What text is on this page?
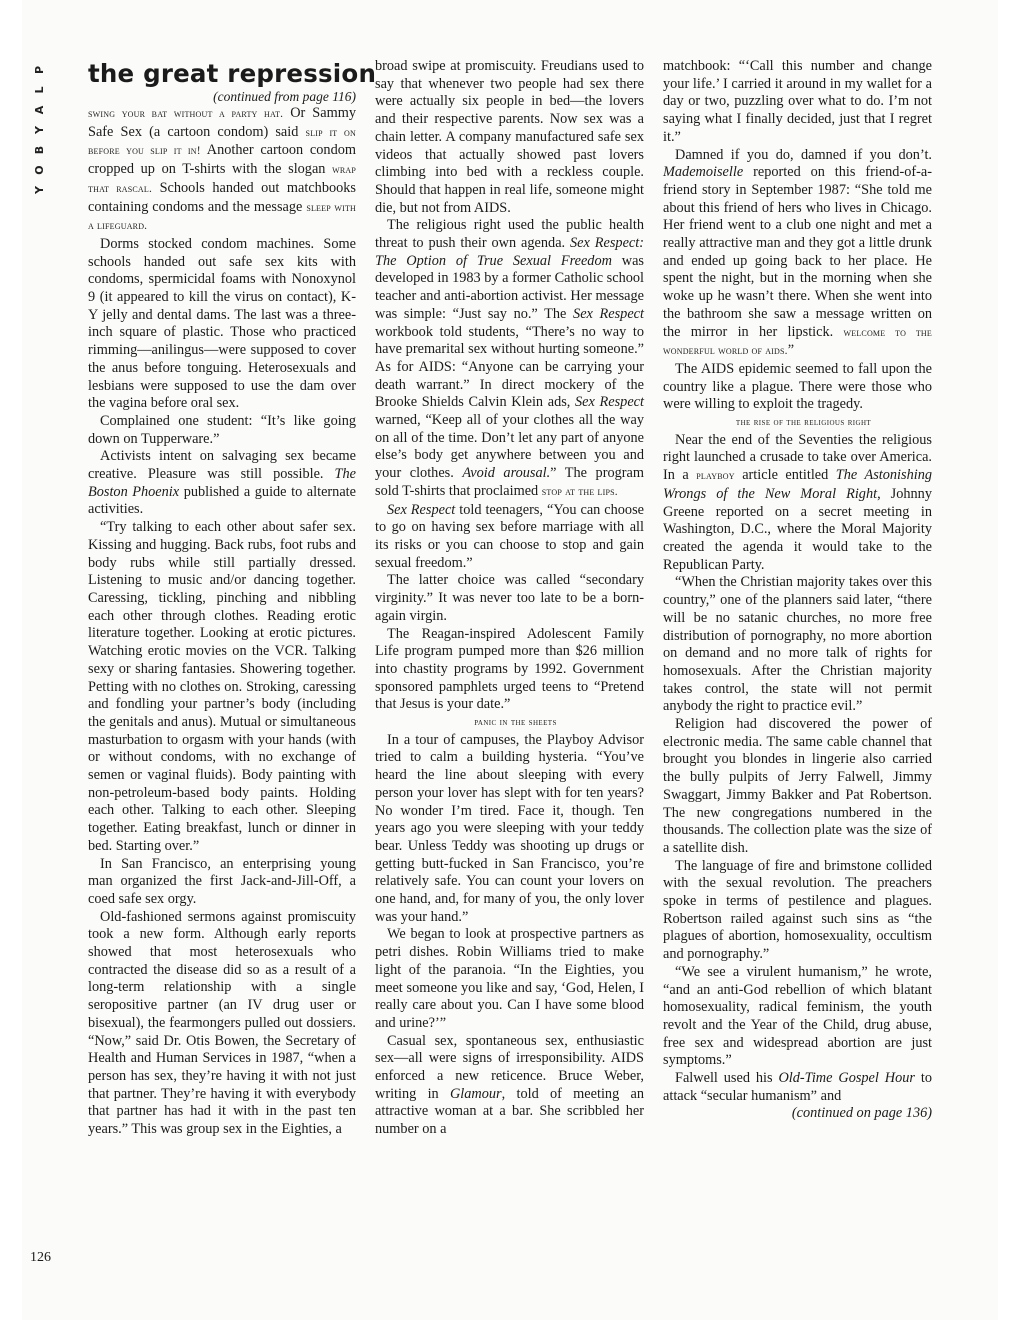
P
L
A
Y
B
O
Y
126
the great repression
(continued from page 116)

swing your bat without a party hat. Or Sammy Safe Sex (a cartoon condom) said slip it on before you slip it in! Another cartoon condom cropped up on T-shirts with the slogan wrap that rascal. Schools handed out matchbooks containing condoms and the message sleep with a lifeguard.

Dorms stocked condom machines. Some schools handed out safe sex kits with condoms, spermicidal foams with Nonoxynol 9 (it appeared to kill the virus on contact), K-Y jelly and dental dams. The last was a three-inch square of plastic. Those who practiced rimming—anilingus—were supposed to cover the anus before tonguing. Heterosexuals and lesbians were supposed to use the dam over the vagina before oral sex.

Complained one student: “It’s like going down on Tupperware.”

Activists intent on salvaging sex became creative. Pleasure was still possible. The Boston Phoenix published a guide to alternate activities.

“Try talking to each other about safer sex. Kissing and hugging. Back rubs, foot rubs and body rubs while still partially dressed. Listening to music and/or dancing together. Caressing, tickling, pinching and nibbling each other through clothes. Reading erotic literature together. Looking at erotic pictures. Watching erotic movies on the VCR. Talking sexy or sharing fantasies. Showering together. Petting with no clothes on. Stroking, caressing and fondling your partner’s body (including the genitals and anus). Mutual or simultaneous masturbation to orgasm with your hands (with or without condoms, with no exchange of semen or vaginal fluids). Body painting with non-petroleum-based body paints. Holding each other. Talking to each other. Sleeping together. Eating breakfast, lunch or dinner in bed. Starting over.”

In San Francisco, an enterprising young man organized the first Jack-and-Jill-Off, a coed safe sex orgy.

Old-fashioned sermons against promiscuity took a new form. Although early reports showed that most heterosexuals who contracted the disease did so as a result of a long-term relationship with a single seropositive partner (an IV drug user or bisexual), the fearmongers pulled out dossiers. “Now,” said Dr. Otis Bowen, the Secretary of Health and Human Services in 1987, “when a person has sex, they’re having it with not just that partner. They’re having it with everybody that partner has had it with in the past ten years.” This was group sex in the Eighties, a

broad swipe at promiscuity. Freudians used to say that whenever two people had sex there were actually six people in bed—the lovers and their respective parents. Now sex was a chain letter. A company manufactured safe sex videos that actually showed past lovers climbing into bed with a reckless couple. Should that happen in real life, someone might die, but not from AIDS.

The religious right used the public health threat to push their own agenda. Sex Respect: The Option of True Sexual Freedom was developed in 1983 by a former Catholic school teacher and anti-abortion activist. Her message was simple: “Just say no.” The Sex Respect workbook told students, “There’s no way to have premarital sex without hurting someone.” As for AIDS: “Anyone can be carrying your death warrant.” In direct mockery of the Brooke Shields Calvin Klein ads, Sex Respect warned, “Keep all of your clothes all the way on all of the time. Don’t let any part of anyone else’s body get anywhere between you and your clothes. Avoid arousal.” The program sold T-shirts that proclaimed stop at the lips.

Sex Respect told teenagers, “You can choose to go on having sex before marriage with all its risks or you can choose to stop and gain sexual freedom.”

The latter choice was called “secondary virginity.” It was never too late to be a born-again virgin.

The Reagan-inspired Adolescent Family Life program pumped more than $26 million into chastity programs by 1992. Government sponsored pamphlets urged teens to “Pretend that Jesus is your date.”

panic in the sheets

In a tour of campuses, the Playboy Advisor tried to calm a building hysteria. “You’ve heard the line about sleeping with every person your lover has slept with for ten years? No wonder I’m tired. Face it, though. Ten years ago you were sleeping with your teddy bear. Unless Teddy was shooting up drugs or getting butt-fucked in San Francisco, you’re relatively safe. You can count your lovers on one hand, and, for many of you, the only lover was your hand.”

We began to look at prospective partners as petri dishes. Robin Williams tried to make light of the paranoia. “In the Eighties, you meet someone you like and say, ‘God, Helen, I really care about you. Can I have some blood and urine?’”

Casual sex, spontaneous sex, enthusiastic sex—all were signs of irresponsibility. AIDS enforced a new reticence. Bruce Weber, writing in Glamour, told of meeting an attractive woman at a bar. She scribbled her number on a

matchbook: “‘Call this number and change your life.’ I carried it around in my wallet for a day or two, puzzling over what to do. I’m not saying what I finally decided, just that I regret it.”

Damned if you do, damned if you don’t. Mademoiselle reported on this friend-of-a-friend story in September 1987: “She told me about this friend of hers who lives in Chicago. Her friend went to a club one night and met a really attractive man and they got a little drunk and ended up going back to her place. He spent the night, but in the morning when she woke up he wasn’t there. When she went into the bathroom she saw a message written on the mirror in her lipstick. welcome to the wonderful world of aids.”

The AIDS epidemic seemed to fall upon the country like a plague. There were those who were willing to exploit the tragedy.

the rise of the religious right

Near the end of the Seventies the religious right launched a crusade to take over America. In a playboy article entitled The Astonishing Wrongs of the New Moral Right, Johnny Greene reported on a secret meeting in Washington, D.C., where the Moral Majority created the agenda it would take to the Republican Party.

“When the Christian majority takes over this country,” one of the planners said later, “there will be no satanic churches, no more free distribution of pornography, no more abortion on demand and no more talk of rights for homosexuals. After the Christian majority takes control, the state will not permit anybody the right to practice evil.”

Religion had discovered the power of electronic media. The same cable channel that brought you blondes in lingerie also carried the bully pulpits of Jerry Falwell, Jimmy Swaggart, Jimmy Bakker and Pat Robertson. The new congregations numbered in the thousands. The collection plate was the size of a satellite dish.

The language of fire and brimstone collided with the sexual revolution. The preachers spoke in terms of pestilence and plagues. Robertson railed against such sins as “the plagues of abortion, homosexuality, occultism and pornography.”

“We see a virulent humanism,” he wrote, “and an anti-God rebellion of which blatant homosexuality, radical feminism, the youth revolt and the Year of the Child, drug abuse, free sex and widespread abortion are just symptoms.”

Falwell used his Old-Time Gospel Hour to attack “secular humanism” and

(continued on page 136)
